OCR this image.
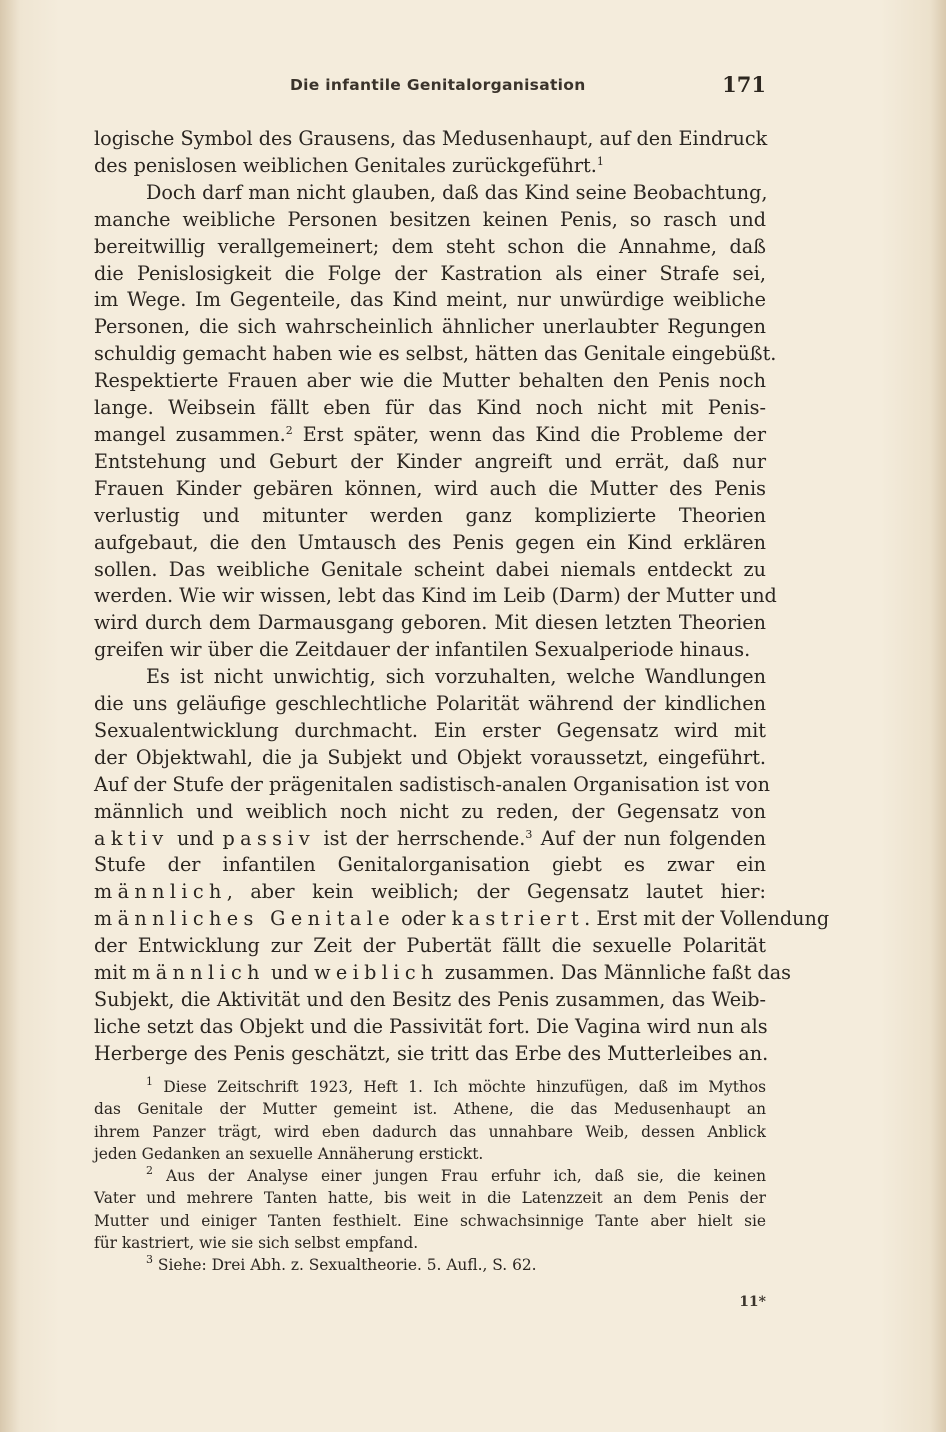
Die infantile Genitalorganisation	171

logische Symbol des Grausens, das Medusenhaupt, auf den Eindruck
des penislosen weiblichen Genitales zurückgeführt.$^1$

Doch darf man nicht glauben, daß das Kind seine Beobachtung,
manche weibliche Personen besitzen keinen Penis, so rasch und
bereitwillig verallgemeinert; dem steht schon die Annahme, daß
die Penislosigkeit die Folge der Kastration als einer Strafe sei,
im Wege. Im Gegenteile, das Kind meint, nur unwürdige weibliche
Personen, die sich wahrscheinlich ähnlicher unerlaubter Regungen
schuldig gemacht haben wie es selbst, hätten das Genitale eingebüßt.
Respektierte Frauen aber wie die Mutter behalten den Penis noch
lange. Weibsein fällt eben für das Kind noch nicht mit Penis-
mangel zusammen.$^2$ Erst später, wenn das Kind die Probleme der
Entstehung und Geburt der Kinder angreift und errät, daß nur
Frauen Kinder gebären können, wird auch die Mutter des Penis
verlustig und mitunter werden ganz komplizierte Theorien
aufgebaut, die den Umtausch des Penis gegen ein Kind erklären
sollen. Das weibliche Genitale scheint dabei niemals entdeckt zu
werden. Wie wir wissen, lebt das Kind im Leib (Darm) der Mutter und
wird durch dem Darmausgang geboren. Mit diesen letzten Theorien
greifen wir über die Zeitdauer der infantilen Sexualperiode hinaus.

Es ist nicht unwichtig, sich vorzuhalten, welche Wandlungen
die uns geläufige geschlechtliche Polarität während der kindlichen
Sexualentwicklung durchmacht. Ein erster Gegensatz wird mit
der Objektwahl, die ja Subjekt und Objekt voraussetzt, eingeführt.
Auf der Stufe der prägenitalen sadistisch-analen Organisation ist von
männlich und weiblich noch nicht zu reden, der Gegensatz von
aktiv und passiv ist der herrschende.$^3$ Auf der nun folgenden
Stufe der infantilen Genitalorganisation giebt es zwar ein
männlich, aber kein weiblich; der Gegensatz lautet hier:
männliches Genitale oder kastriert. Erst mit der Vollendung
der Entwicklung zur Zeit der Pubertät fällt die sexuelle Polarität
mit männlich und weiblich zusammen. Das Männliche faßt das
Subjekt, die Aktivität und den Besitz des Penis zusammen, das Weib-
liche setzt das Objekt und die Passivität fort. Die Vagina wird nun als
Herberge des Penis geschätzt, sie tritt das Erbe des Mutterleibes an.

$^1$ Diese Zeitschrift 1923, Heft 1. Ich möchte hinzufügen, daß im Mythos
das Genitale der Mutter gemeint ist. Athene, die das Medusenhaupt an
ihrem Panzer trägt, wird eben dadurch das unnahbare Weib, dessen Anblick
jeden Gedanken an sexuelle Annäherung erstickt.

$^2$ Aus der Analyse einer jungen Frau erfuhr ich, daß sie, die keinen
Vater und mehrere Tanten hatte, bis weit in die Latenzzeit an dem Penis der
Mutter und einiger Tanten festhielt. Eine schwachsinnige Tante aber hielt sie
für kastriert, wie sie sich selbst empfand.

$^3$ Siehe: Drei Abh. z. Sexualtheorie. 5. Aufl., S. 62.

11*
